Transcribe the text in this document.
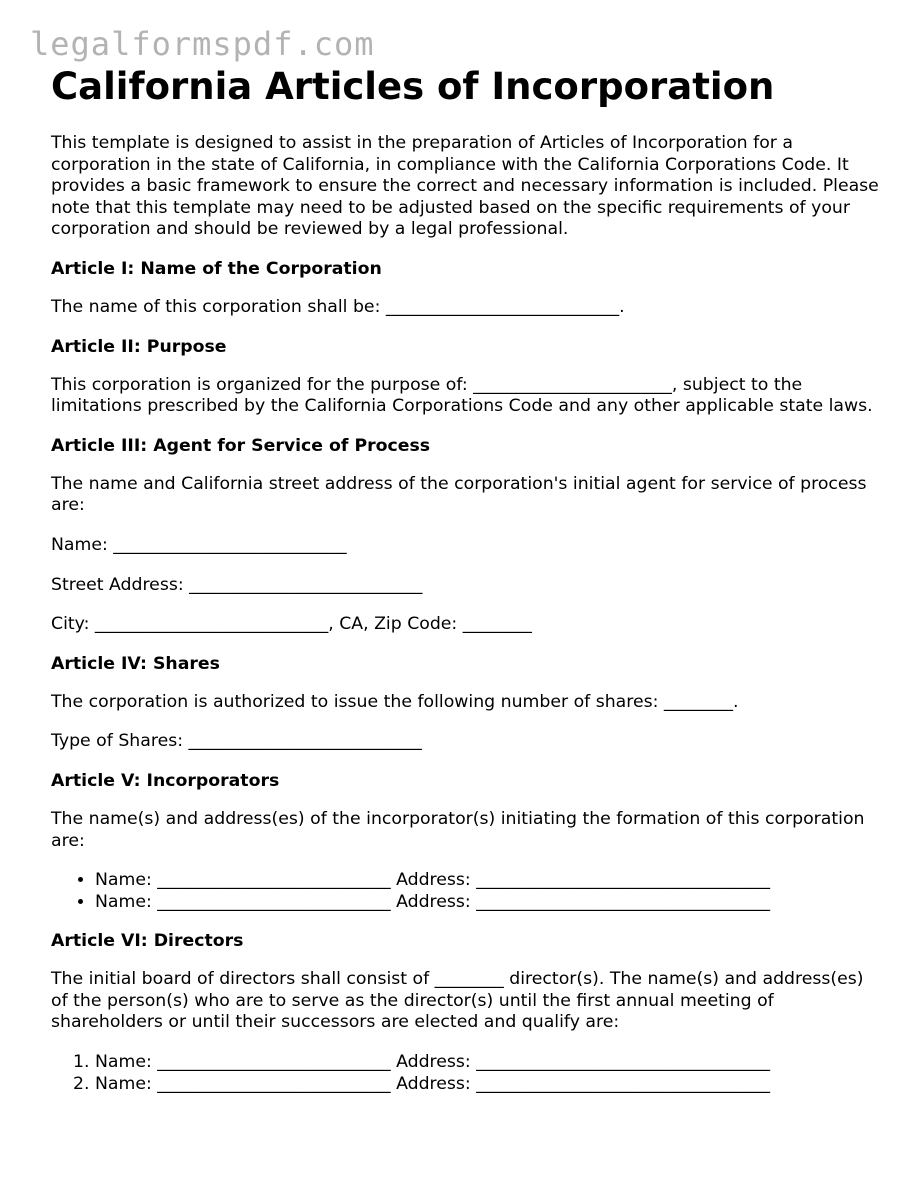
legalformspdf.com
California Articles of Incorporation

This template is designed to assist in the preparation of Articles of Incorporation for a corporation in the state of California, in compliance with the California Corporations Code. It provides a basic framework to ensure the correct and necessary information is included. Please note that this template may need to be adjusted based on the specific requirements of your corporation and should be reviewed by a legal professional.

Article I: Name of the Corporation

The name of this corporation shall be: ___________________________.

Article II: Purpose

This corporation is organized for the purpose of: _______________________, subject to the limitations prescribed by the California Corporations Code and any other applicable state laws.

Article III: Agent for Service of Process

The name and California street address of the corporation's initial agent for service of process are:

Name: ___________________________

Street Address: ___________________________

City: ___________________________, CA, Zip Code: ________

Article IV: Shares

The corporation is authorized to issue the following number of shares: ________.

Type of Shares: ___________________________

Article V: Incorporators

The name(s) and address(es) of the incorporator(s) initiating the formation of this corporation are:

• Name: ___________________________ Address: __________________________________
• Name: ___________________________ Address: __________________________________
Article VI: Directors

The initial board of directors shall consist of ________ director(s). The name(s) and address(es) of the person(s) who are to serve as the director(s) until the first annual meeting of shareholders or until their successors are elected and qualify are:

1. Name: ___________________________ Address: __________________________________
2. Name: ___________________________ Address: __________________________________
